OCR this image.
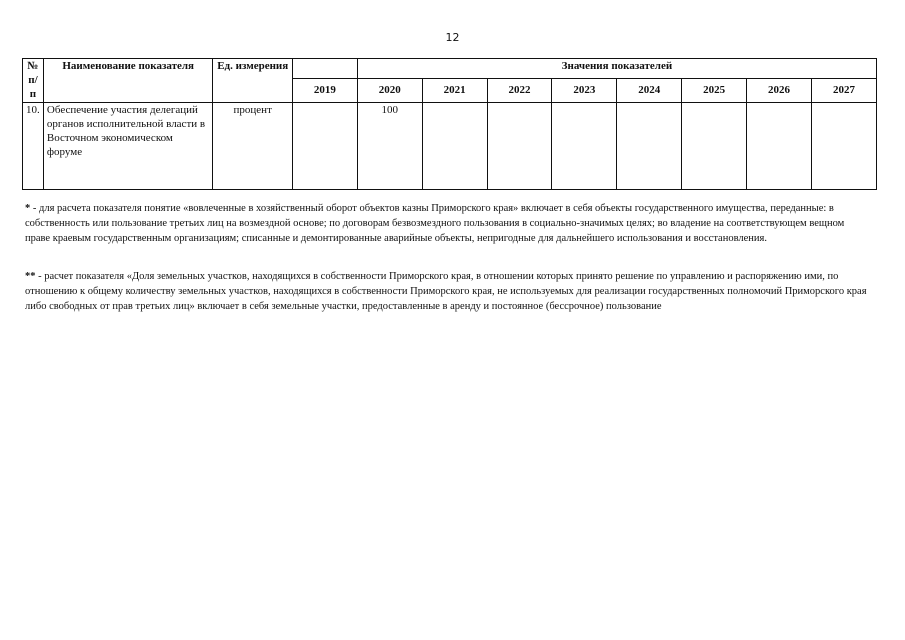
12
№ п/п	Наименование показателя	Ед. измерения		Значения показателей							
			2019	2020	2021	2022	2023	2024	2025	2026	2027
10.	Обеспечение участия делегаций органов исполнительной власти в Восточном экономическом форуме	процент		100							
* - для расчета показателя понятие «вовлеченные в хозяйственный оборот объектов казны Приморского края» включает в себя объекты государственного имущества, переданные: в собственность или пользование третьих лиц на возмездной основе; по договорам безвозмездного пользования в социально-значимых целях; во владение на соответствующем вещном праве краевым государственным организациям; списанные и демонтированные аварийные объекты, непригодные для дальнейшего использования и восстановления.
** - расчет показателя «Доля земельных участков, находящихся в собственности Приморского края, в отношении которых принято решение по управлению и распоряжению ими, по отношению к общему количеству земельных участков, находящихся в собственности Приморского края, не используемых для реализации государственных полномочий Приморского края либо свободных от прав третьих лиц» включает в себя земельные участки, предоставленные в аренду и постоянное (бессрочное) пользование
